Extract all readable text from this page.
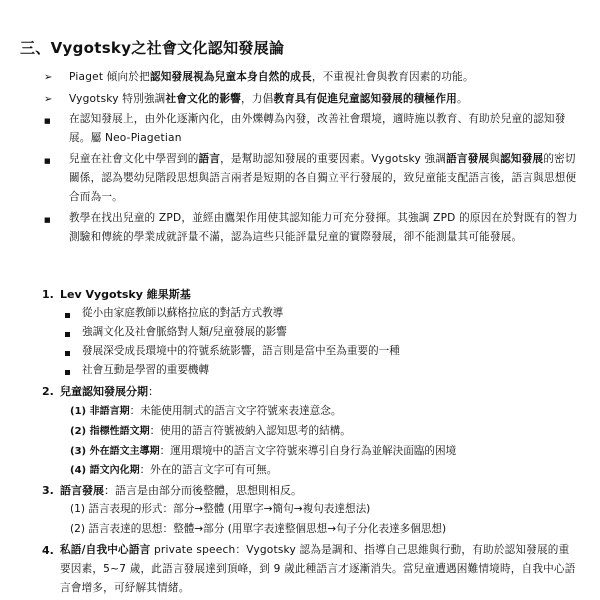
三、Vygotsky之社會文化認知發展論
➢ Piaget 傾向於把認知發展視為兒童本身自然的成長，不重視社會與教育因素的功能。
➢ Vygotsky 特別強調社會文化的影響，力倡教育具有促進兒童認知發展的積極作用。
■ 在認知發展上，由外化逐漸內化，由外爍轉為內發，改善社會環境，適時施以教育、有助於兒童的認知發展。屬 Neo-Piagetian
■ 兒童在社會文化中學習到的語言，是幫助認知發展的重要因素。Vygotsky 強調語言發展與認知發展的密切關係，認為嬰幼兒階段思想與語言兩者是短期的各自獨立平行發展的，致兒童能支配語言後，語言與思想便合而為一。
■ 教學在找出兒童的 ZPD，並經由鷹架作用使其認知能力可充分發揮。其強調 ZPD 的原因在於對既有的智力測驗和傳統的學業成就評量不滿，認為這些只能評量兒童的實際發展，卻不能測量其可能發展。
1. Lev Vygotsky 維果斯基
從小由家庭教師以蘇格拉底的對話方式教導
強調文化及社會脈絡對人類/兒童發展的影響
發展深受成長環境中的符號系統影響，語言則是當中至為重要的一種
社會互動是學習的重要機轉
2. 兒童認知發展分期：
(1) 非語言期：未能使用制式的語言文字符號來表達意念。
(2) 指標性語文期：使用的語言符號被納入認知思考的結構。
(3) 外在語文主導期：運用環境中的語言文字符號來導引自身行為並解決面臨的困境
(4) 語文內化期：外在的語言文字可有可無。
3. 語言發展：語言是由部分而後整體，思想則相反。
(1) 語言表現的形式：部分→整體 (用單字→簡句→複句表達想法)
(2) 語言表達的思想：整體→部分 (用單字表達整個思想→句子分化表達多個思想)
4. 私語/自我中心語言 private speech：Vygotsky 認為是調和、指導自己思維與行動，有助於認知發展的重要因素，5~7 歲，此語言發展達到頂峰，到 9 歲此種語言才逐漸消失。當兒童遭遇困難情境時，自我中心語言會增多，可紓解其情緒。
